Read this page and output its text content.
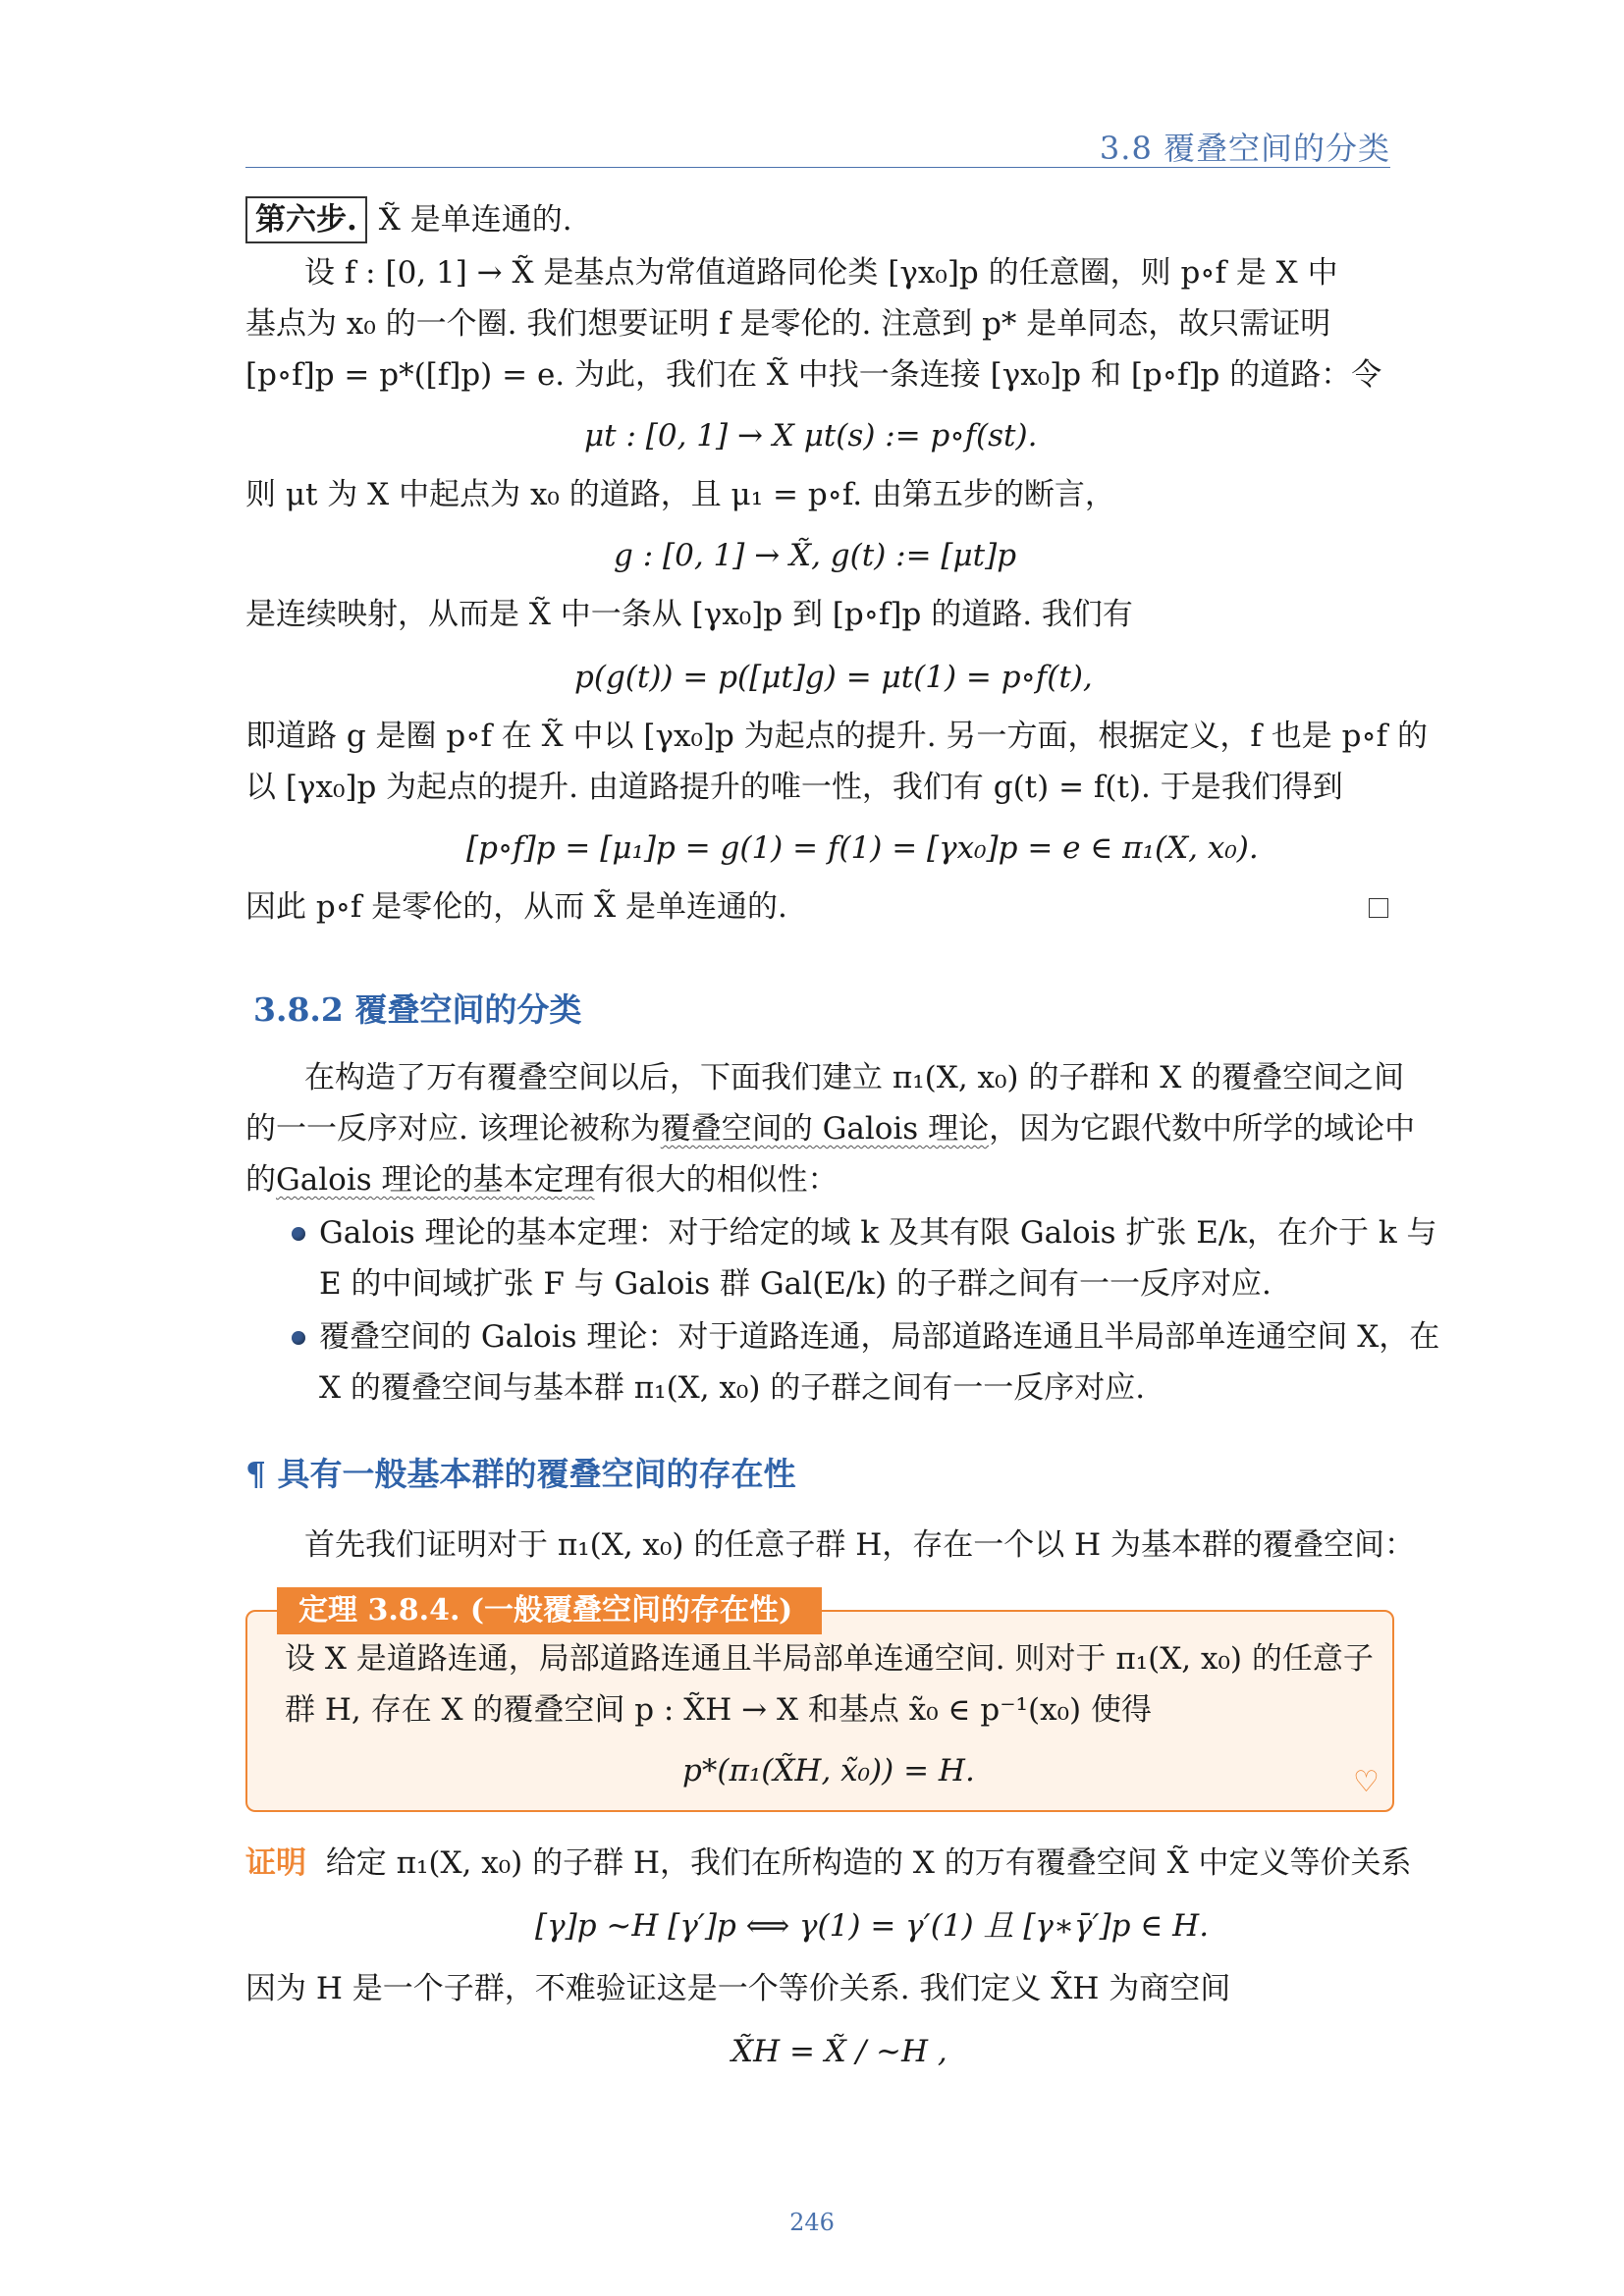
3.8 覆叠空间的分类
第六步. X̃ 是单连通的.
设 f : [0, 1] → X̃ 是基点为常值道路同伦类 [γx₀]p 的任意圈，则 p∘f 是 X 中
基点为 x₀ 的一个圈. 我们想要证明 f 是零伦的. 注意到 p* 是单同态，故只需证明
[p∘f]p = p*([f]p) = e. 为此，我们在 X̃ 中找一条连接 [γx₀]p 和 [p∘f]p 的道路：令
μt : [0, 1] → X μt(s) := p∘f(st).
则 μt 为 X 中起点为 x₀ 的道路，且 μ₁ = p∘f. 由第五步的断言，
g : [0, 1] → X̃, g(t) := [μt]p
是连续映射，从而是 X̃ 中一条从 [γx₀]p 到 [p∘f]p 的道路. 我们有
p(g(t)) = p([μt]g) = μt(1) = p∘f(t),
即道路 g 是圈 p∘f 在 X̃ 中以 [γx₀]p 为起点的提升. 另一方面，根据定义，f 也是 p∘f 的
以 [γx₀]p 为起点的提升. 由道路提升的唯一性，我们有 g(t) = f(t). 于是我们得到
[p∘f]p = [μ₁]p = g(1) = f(1) = [γx₀]p = e ∈ π₁(X, x₀).
因此 p∘f 是零伦的，从而 X̃ 是单连通的.
3.8.2 覆叠空间的分类
在构造了万有覆叠空间以后，下面我们建立 π₁(X, x₀) 的子群和 X 的覆叠空间之间
的一一反序对应. 该理论被称为覆叠空间的 Galois 理论，因为它跟代数中所学的域论中
的Galois 理论的基本定理有很大的相似性：
Galois 理论的基本定理：对于给定的域 k 及其有限 Galois 扩张 E/k，在介于 k 与
E 的中间域扩张 F 与 Galois 群 Gal(E/k) 的子群之间有一一反序对应.
覆叠空间的 Galois 理论：对于道路连通，局部道路连通且半局部单连通空间 X，在
X 的覆叠空间与基本群 π₁(X, x₀) 的子群之间有一一反序对应.
¶ 具有一般基本群的覆叠空间的存在性
首先我们证明对于 π₁(X, x₀) 的任意子群 H，存在一个以 H 为基本群的覆叠空间：
定理 3.8.4. (一般覆叠空间的存在性)
设 X 是道路连通，局部道路连通且半局部单连通空间. 则对于 π₁(X, x₀) 的任意子
群 H, 存在 X 的覆叠空间 p : X̃H → X 和基点 x̃₀ ∈ p⁻¹(x₀) 使得
p*(π₁(X̃H, x̃₀)) = H.	♡
证明 给定 π₁(X, x₀) 的子群 H，我们在所构造的 X 的万有覆叠空间 X̃ 中定义等价关系
[γ]p ~H [γ′]p ⟺ γ(1) = γ′(1) 且 [γ∗γ̄′]p ∈ H.
因为 H 是一个子群，不难验证这是一个等价关系. 我们定义 X̃H 为商空间
X̃H = X̃ / ~H ,
246
